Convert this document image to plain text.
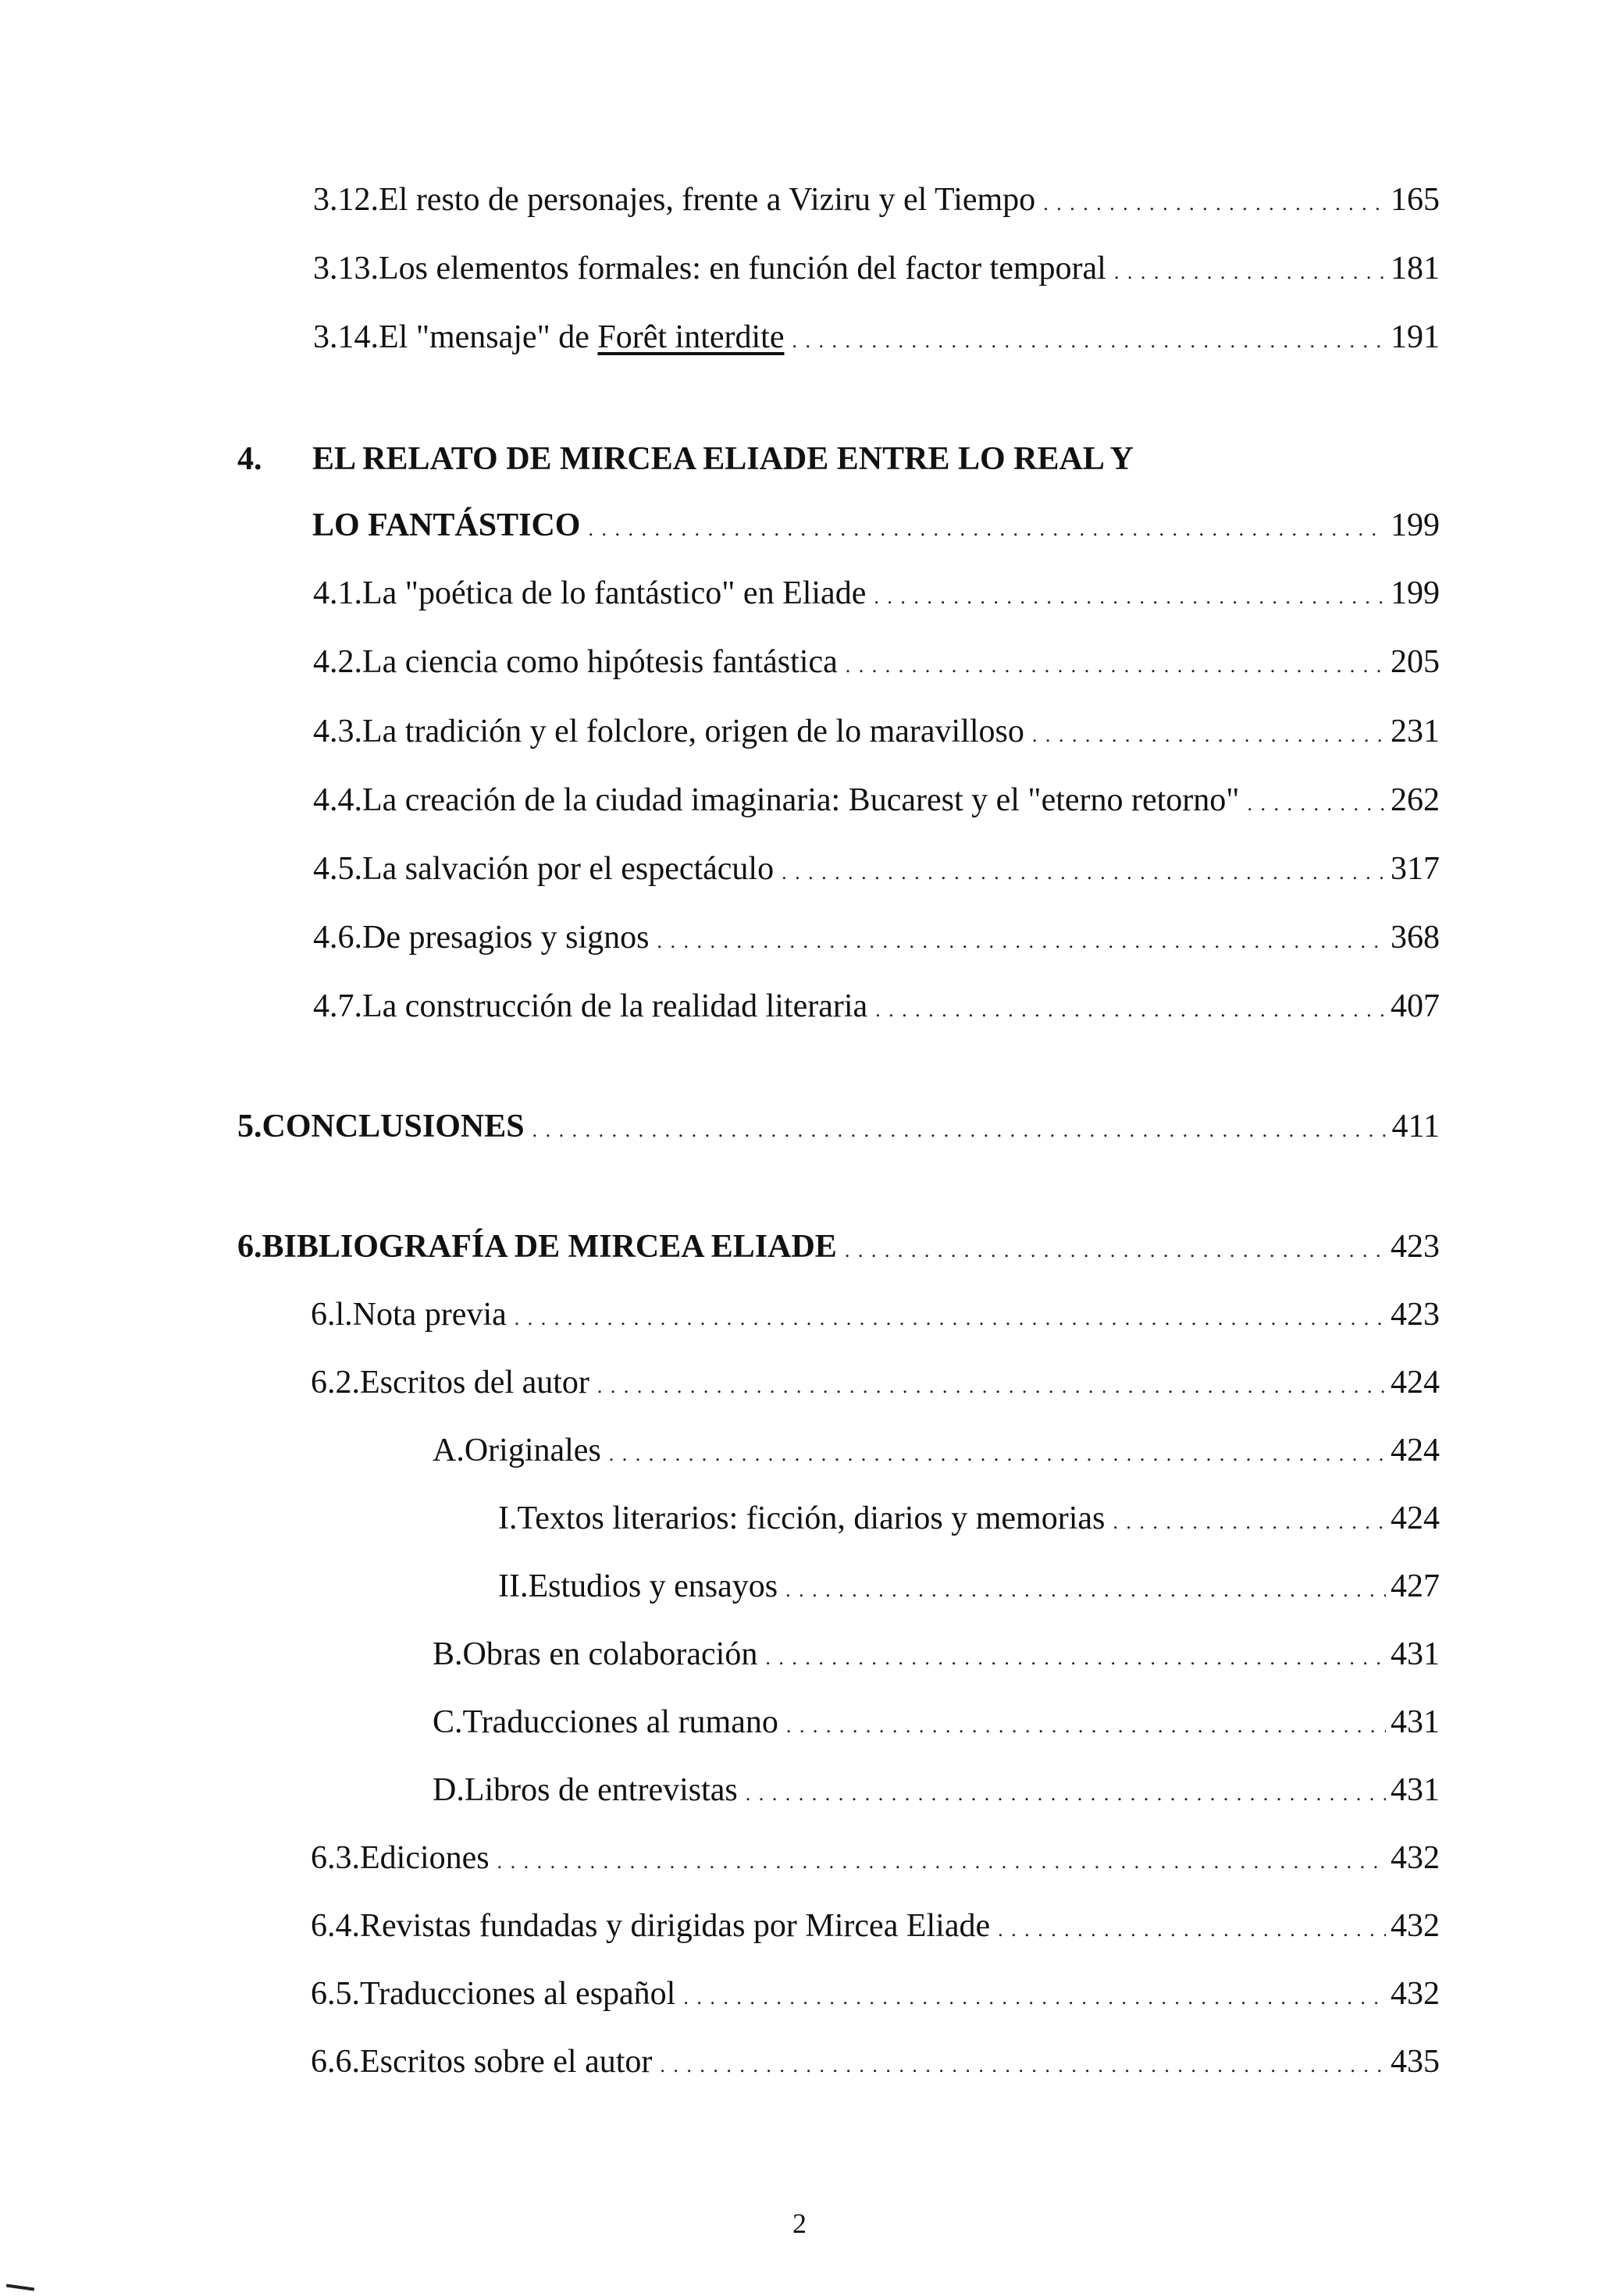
3.12. El resto de personajes, frente a Viziru y el Tiempo . . .	165
3.13. Los elementos formales: en función del factor temporal . . .	181
3.14. El "mensaje" de Forêt interdite . . .	191
4. EL RELATO DE MIRCEA ELIADE ENTRE LO REAL Y
LO FANTÁSTICO . . .	199
4.1. La "poética de lo fantástico" en Eliade . . .	199
4.2. La ciencia como hipótesis fantástica . . .	205
4.3. La tradición y el folclore, origen de lo maravilloso . . .	231
4.4. La creación de la ciudad imaginaria: Bucarest y el "eterno retorno" . . .	262
4.5. La salvación por el espectáculo . . .	317
4.6. De presagios y signos . . .	368
4.7. La construcción de la realidad literaria . . .	407
5. CONCLUSIONES . . .	411
6. BIBLIOGRAFÍA DE MIRCEA ELIADE . . .	423
6.l. Nota previa . . .	423
6.2. Escritos del autor . . .	424
A. Originales . . .	424
I. Textos literarios: ficción, diarios y memorias . . .	424
II. Estudios y ensayos . . .	427
B. Obras en colaboración . . .	431
C. Traducciones al rumano . . .	431
D. Libros de entrevistas . . .	431
6.3. Ediciones . . .	432
6.4. Revistas fundadas y dirigidas por Mircea Eliade . . .	432
6.5. Traducciones al español . . .	432
6.6. Escritos sobre el autor . . .	435
2
